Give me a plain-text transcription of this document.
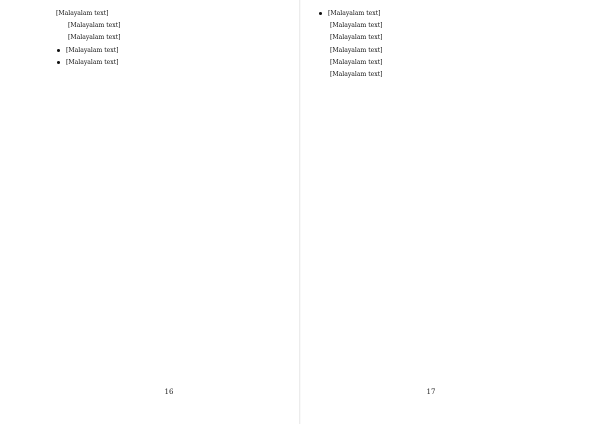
[Malayalam text]

[Malayalam text]

[Malayalam text]

[Malayalam text]
[Malayalam text]
16
[Malayalam text]

[Malayalam text]

[Malayalam text]

[Malayalam text]

[Malayalam text]

[Malayalam text]

17
